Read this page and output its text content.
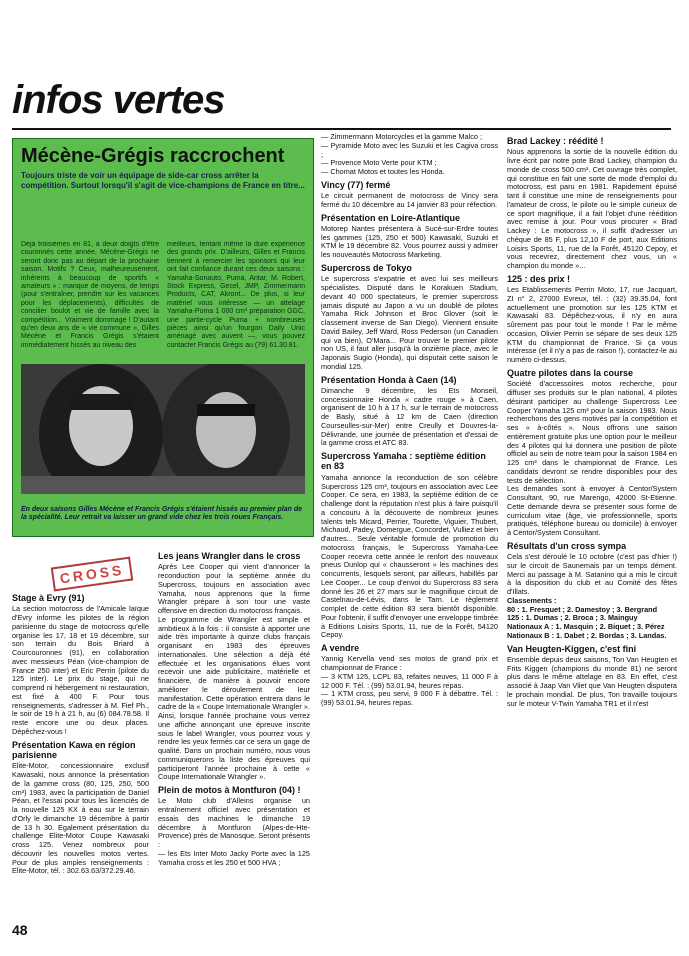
infos vertes
Mécène-Grégis raccrochent

Toujours triste de voir un équipage de side-car cross arrêter la compétition. Surtout lorsqu'il s'agit de vice-champions de France en titre...

Déjà troisièmes en 81, à deux doigts d'être couronnés cette année, Mécène-Grégis ne seront donc pas au départ de la prochaine saison. Motifs ? Ceux, malheureusement, inhérents à beaucoup de sportifs « amateurs » : manque de moyens, de temps (pour s'entraîner, prendre sur les vacances pour les déplacements), difficultés de concilier boulot et vie de famille avec la compétition... Vraiment dommage ! D'autant qu'en deux ans de « vie commune », Gilles Mécène et Francis Grégis s'étaient immédiatement hissés au niveau des

meilleurs, tentant même la dure expérience des grands prix. D'ailleurs, Gilles et Francis tiennent à remercier les sponsors qui leur ont fait confiance durant ces deux saisons : Yamaha-Sonauto, Puma, Antar, M. Robert, Stock Express, Gecel, JMP, Zimmermann Products, CAT, Akront... De plus, si leur matériel vous intéresse — un attelage Yamaha-Puma 1 000 cm³ préparation GGC, une partie-cycle Puma + nombreuses pièces ainsi qu'un fourgon Daily Unic aménagé avec auvent —, vous pouvez contacter Francis Grégis au (79) 61.30.81.

En deux saisons Gilles Mécène et Francis Grégis s'étaient hissés au premier plan de la spécialité. Leur retrait va laisser un grand vide chez les trois roues Français.

CROSS
Stage à Evry (91)

La section motocross de l'Amicale laïque d'Evry informe les pilotes de la région parisienne du stage de motocross qu'elle organise les 17, 18 et 19 décembre, sur son terrain du Bois Briard à Courcouronnes (91), en collaboration avec messieurs Péan (vice-champion de France 250 inter) et Eric Perrin (pilote du 125 inter). Le prix du stage, qui ne comprend ni hébergement ni restauration, est fixé à 400 F. Pour tous renseignements, s'adresser à M. Fief Ph., le soir de 19 h à 21 h, au (6) 084.78.58. Il reste encore une ou deux places. Dépêchez-vous !

Présentation Kawa en région parisienne

Elite-Motor, concessionnaire exclusif Kawasaki, nous annonce la présentation de la gamme cross (80, 125, 250, 500 cm³) 1983, avec la participation de Daniel Péan, et l'essai pour tous les licenciés de la nouvelle 125 KX à eau sur le terrain d'Orly le dimanche 19 décembre à partir de 13 h 30. Egalement présentation du challenge Elite-Motor Coupe Kawasaki cross 125. Venez nombreux pour découvrir les nouvelles motos vertes. Pour de plus amples renseignements : Elite-Motor, tél. : 302.63.63/372.29.46.

Les jeans Wrangler dans le cross

Après Lee Cooper qui vient d'annoncer la reconduction pour la septième année du Supercross, toujours en association avec Yamaha, nous apprenons que la firme Wrangler prépare à son tour une vaste offensive en direction du motocross français.

Le programme de Wrangler est simple et ambitieux à la fois : il consiste à apporter une aide très importante à quinze clubs français organisant en 1983 des épreuves internationales. Une sélection a déjà été effectuée et les organisations élues vont recevoir une aide publicitaire, matérielle et financière, de manière à pouvoir encore améliorer le déroulement de leur manifestation. Cette opération entrera dans le cadre de la « Coupe Internationale Wrangler ». Ainsi, lorsque l'année prochaine vous verrez une affiche annonçant une épreuve inscrite sous le label Wrangler, vous pourrez vous y rendre les yeux fermés car ce sera un gage de qualité. Dans un prochain numéro, nous vous communiquerons la liste des épreuves qui participeront l'année prochaine à cette « Coupe Internationale Wrangler ».

Plein de motos à Montfuron (04) !

Le Moto club d'Alleins organise un entraînement officiel avec présentation et essais des machines le dimanche 19 décembre à Montfuron (Alpes-de-Hte-Provence) près de Manosque. Seront présents :

— les Ets Inter Moto Jacky Porte avec la 125 Yamaha cross et les 250 et 500 HVA ;

— Zimmermann Motorcycles et la gamme Malco ;
— Pyramide Moto avec les Suzuki et les Cagiva cross ;
— Provence Moto Verte pour KTM ;
— Chomat Motos et toutes les Honda.

Vincy (77) fermé

Le circuit permanent de motocross de Vincy sera fermé du 10 décembre au 14 janvier 83 pour réfection.

Présentation en Loire-Atlantique

Motorep Nantes présentera à Sucé-sur-Erdre toutes les gammes (125, 250 et 500) Kawasaki, Suzuki et KTM le 19 décembre 82. Vous pourrez aussi y admirer les nouveautés Motocross Marketing.

Supercross de Tokyo

Le supercross s'expatrie et avec lui ses meilleurs spécialistes. Disputé dans le Korakuen Stadium, devant 40 000 spectateurs, le premier supercross jamais disputé au Japon a vu un doublé de pilotes Yamaha Rick Johnson et Broc Glover (soit le classement inverse de San Diego). Viennent ensuite David Bailey, Jeff Ward, Ross Pederson (un Canadien qui va bien), O'Mara... Pour trouver le premier pilote non US, il faut aller jusqu'à la onzième place, avec le Japonais Sugio (Honda), qui disputait cette saison le mondial 125.

Présentation Honda à Caen (14)

Dimanche 9 décembre, les Ets Monseil, concessionnaire Honda « cadre rouge » à Caen, organisent de 10 h à 17 h, sur le terrain de motocross de Basly, situé à 12 km de Caen (direction Courseulles-sur-Mer) entre Creully et Douvres-la-Délivrande, une journée de présentation et d'essai de la gamme cross et ATC 83.

Supercross Yamaha : septième édition en 83

Yamaha annonce la reconduction de son célèbre Supercross 125 cm³, toujours en association avec Lee Cooper. Ce sera, en 1983, la septième édition de ce challenge dont la réputation n'est plus à faire puisqu'il a concouru à la découverte de nombreux jeunes talents tels Micard, Perrier, Tourette, Viguier, Thubert, Michaud, Padey, Domergue, Concordet, Vulliez et bien d'autres... Seule véritable formule de promotion du motocross français, le Supercross Yamaha-Lee Cooper recevra cette année le renfort des nouveaux pneus Dunlop qui « chausseront » les machines des concurrents, lesquels seront, par ailleurs, habillés par Lee Cooper... Le coup d'envoi du Supercross 83 sera donné les 26 et 27 mars sur le magnifique circuit de Castelnau-de-Lévis, dans le Tarn. Le règlement complet de cette édition 83 sera bientôt disponible. Pour l'obtenir, il suffit d'envoyer une enveloppe timbrée à Editions Loisirs Sports, 11, rue de la Forêt, 54120 Cepoy.

A vendre

Yannig Kervella vend ses motos de grand prix et championnat de France :
— 3 KTM 125, LCPL 83, refaites neuves, 11 000 F à 12 000 F. Tél. : (99) 53.01.94, heures repas.
— 1 KTM cross, peu servi, 9 000 F à débattre. Tél. : (99) 53.01.94, heures repas.

Brad Lackey : réédité !

Nous apprenons la sortie de la nouvelle édition du livre écrit par notre pote Brad Lackey, champion du monde de cross 500 cm³. Cet ouvrage très complet, qui constitue en fait une sorte de mode d'emploi du motocross, est paru en 1981. Rapidement épuisé tant il constitue une mine de renseignements pour l'amateur de cross, le pilote ou le simple curieux de ce sport magnifique, il a fait l'objet d'une réédition avec remise à jour. Pour vous procurer « Brad Lackey : Le motocross », il suffit d'adresser un chèque de 85 F, plus 12,10 F de port, aux Editions Loisirs Sports, 11, rue de la Forêt, 45120 Cepoy, et vous recevrez, directement chez vous, un « champion du monde »...

125 : des prix !

Les Etablissements Perrin Moto, 17, rue Jacquart, ZI n° 2, 27000 Evreux, tél. : (32) 39.35.04, font actuellement une promotion sur les 125 KTM et Kawasaki 83. Dépêchez-vous, il n'y en aura sûrement pas pour tout le monde ! Par le même occasion, Olivier Perrin se sépare de ses deux 125 KTM du championnat de France. Si ça vous intéresse (et il n'y a pas de raison !), contactez-le au numéro ci-dessus.

Quatre pilotes dans la course

Société d'accessoires motos recherche, pour diffuser ses produits sur le plan national, 4 pilotes désirant participer au challenge Supercross Lee Cooper Yamaha 125 cm³ pour la saison 1983. Nous recherchons des gens motivés par la compétition et ses « à-côtés ». Nous offrons une saison entièrement gratuite plus une option pour le meilleur des 4 pilotes qui lui donnera une position de pilote officiel au sein de notre team pour la saison 1984 en 125 cm³ dans le championnat de France. Les candidats devront se rendre disponibles pour des tests de sélection.

Les demandes sont à envoyer à Centor/System Consultant, 90, rue Marengo, 42000 St-Etienne. Cette demande devra se présenter sous forme de curriculum vitae (âge, vie professionnelle, sports pratiqués, téléphone bureau ou domicile) à envoyer à Centor/System Consultant.

Résultats d'un cross sympa

Cela s'est déroulé le 10 octobre (c'est pas d'hier !) sur le circuit de Saunemais par un temps dément. Merci au passage à M. Satanino qui a mis le circuit à la disposition du club et au Comité des fêtes d'Illats.

Classements :
80 : 1. Fresquet ; 2. Damestoy ; 3. Bergrand
125 : 1. Dumas ; 2. Broca ; 3. Mainguy
Nationaux A : 1. Masquin ; 2. Biquet ; 3. Pérez
Nationaux B : 1. Dabet ; 2. Bordas ; 3. Landas.

Van Heugten-Kiggen, c'est fini

Ensemble depuis deux saisons, Ton Van Heugten et Frits Kiggen (champions du monde 81) ne seront plus dans le même attelage en 83. En effet, c'est associé à Jaap Van Vliet que Van Heugten disputera le prochain mondial. De plus, Ton travaille toujours sur le moteur V-Twin Yamaha TR1 et il n'est

48
